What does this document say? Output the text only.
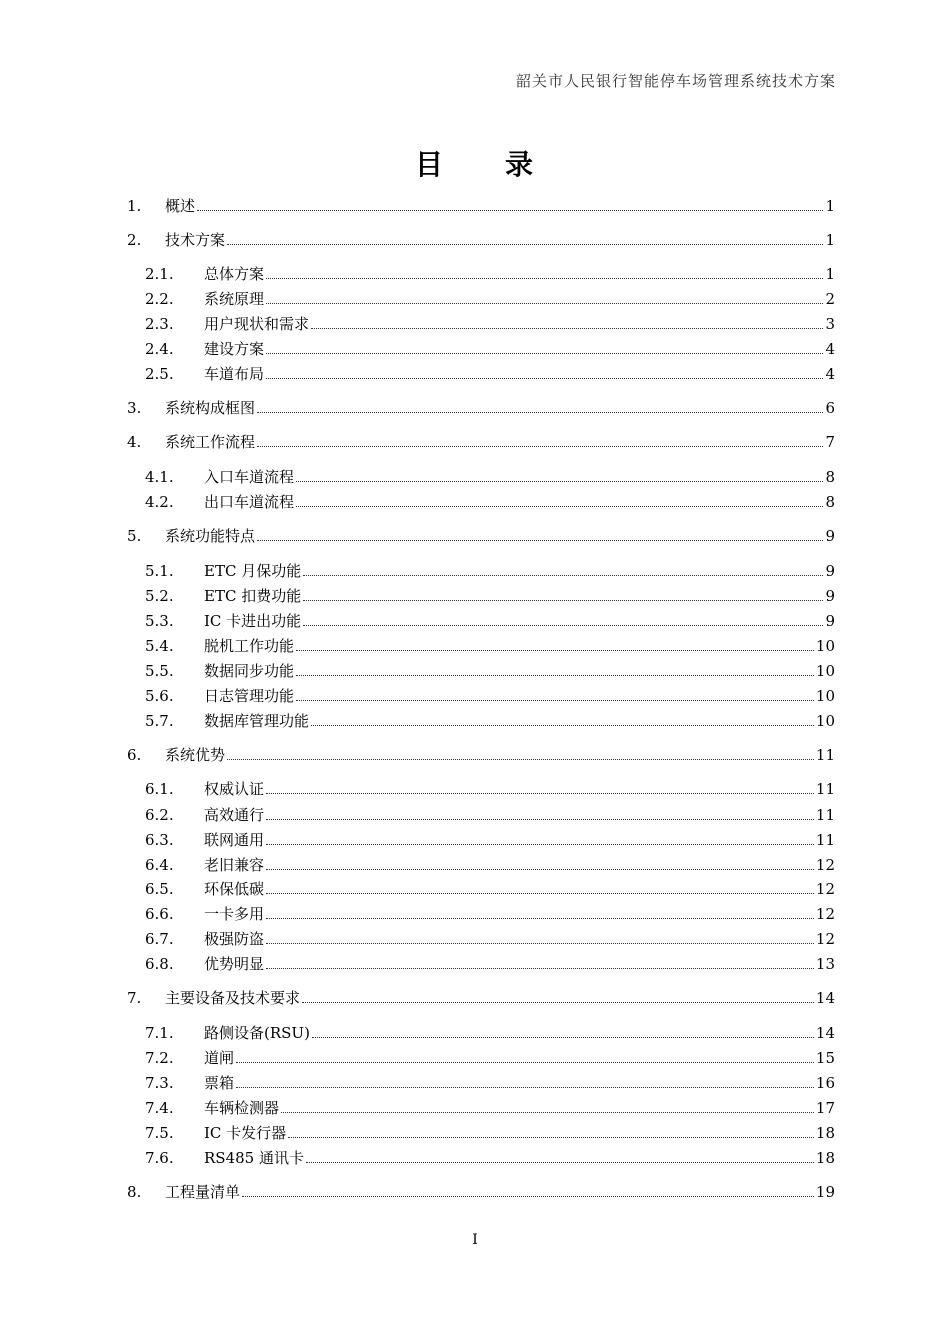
韶关市人民银行智能停车场管理系统技术方案
目 录
1.	概述	1
2.	技术方案	1
2.1.	总体方案	1
2.2.	系统原理	2
2.3.	用户现状和需求	3
2.4.	建设方案	4
2.5.	车道布局	4
3.	系统构成框图	6
4.	系统工作流程	7
4.1.	入口车道流程	8
4.2.	出口车道流程	8
5.	系统功能特点	9
5.1.	ETC 月保功能	9
5.2.	ETC 扣费功能	9
5.3.	IC 卡进出功能	9
5.4.	脱机工作功能	10
5.5.	数据同步功能	10
5.6.	日志管理功能	10
5.7.	数据库管理功能	10
6.	系统优势	11
6.1.	权威认证	11
6.2.	高效通行	11
6.3.	联网通用	11
6.4.	老旧兼容	12
6.5.	环保低碳	12
6.6.	一卡多用	12
6.7.	极强防盗	12
6.8.	优势明显	13
7.	主要设备及技术要求	14
7.1.	路侧设备(RSU)	14
7.2.	道闸	15
7.3.	票箱	16
7.4.	车辆检测器	17
7.5.	IC 卡发行器	18
7.6.	RS485 通讯卡	18
8.	工程量清单	19
I
